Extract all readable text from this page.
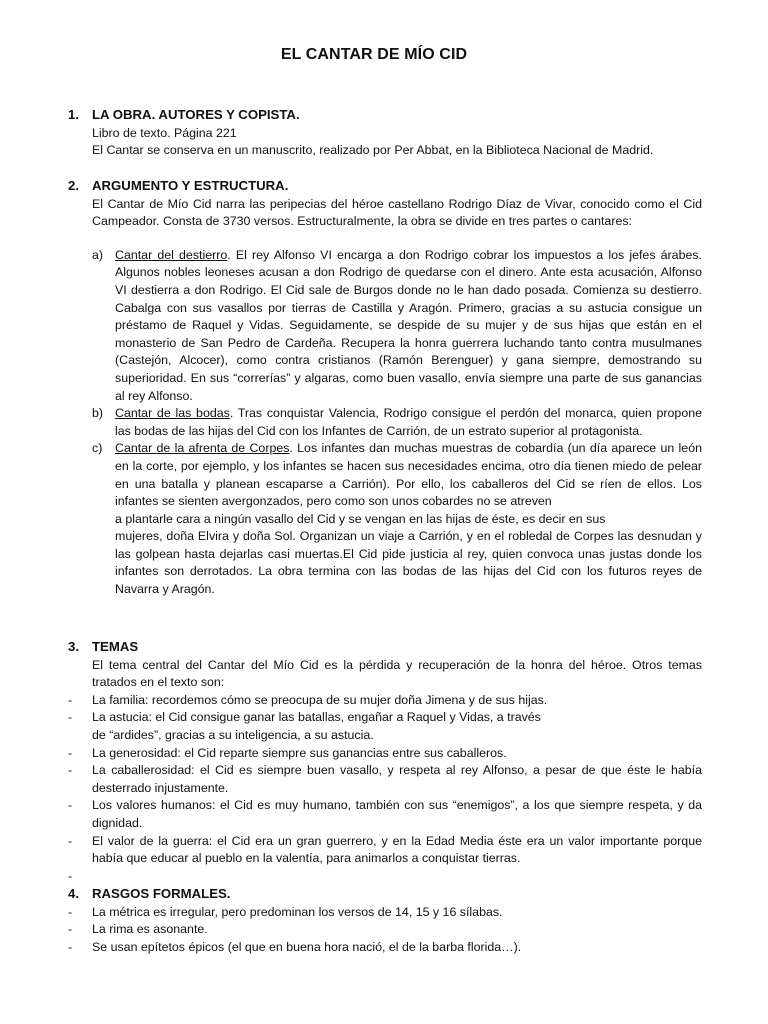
EL CANTAR DE MÍO CID
1. LA OBRA. AUTORES Y COPISTA.

Libro de texto. Página 221

El Cantar se conserva en un manuscrito, realizado por Per Abbat, en la Biblioteca Nacional de Madrid.

2. ARGUMENTO Y ESTRUCTURA.

El Cantar de Mío Cid narra las peripecias del héroe castellano Rodrigo Díaz de Vivar, conocido como el Cid Campeador. Consta de 3730 versos. Estructuralmente, la obra se divide en tres partes o cantares:

a) Cantar del destierro. El rey Alfonso VI encarga a don Rodrigo cobrar los impuestos a los jefes árabes. Algunos nobles leoneses acusan a don Rodrigo de quedarse con el dinero. Ante esta acusación, Alfonso VI destierra a don Rodrigo. El Cid sale de Burgos donde no le han dado posada. Comienza su destierro. Cabalga con sus vasallos por tierras de Castilla y Aragón. Primero, gracias a su astucia consigue un préstamo de Raquel y Vidas. Seguidamente, se despide de su mujer y de sus hijas que están en el monasterio de San Pedro de Cardeña. Recupera la honra guerrera luchando tanto contra musulmanes (Castejón, Alcocer), como contra cristianos (Ramón Berenguer) y gana siempre, demostrando su superioridad. En sus “correrías” y algaras, como buen vasallo, envía siempre una parte de sus ganancias al rey Alfonso.
b) Cantar de las bodas. Tras conquistar Valencia, Rodrigo consigue el perdón del monarca, quien propone las bodas de las hijas del Cid con los Infantes de Carrión, de un estrato superior al protagonista.
c) Cantar de la afrenta de Corpes. Los infantes dan muchas muestras de cobardía (un día aparece un león en la corte, por ejemplo, y los infantes se hacen sus necesidades encima, otro día tienen miedo de pelear en una batalla y planean escaparse a Carrión). Por ello, los caballeros del Cid se ríen de ellos. Los infantes se sienten avergonzados, pero como son unos cobardes no se atreven

a plantarle cara a ningún vasallo del Cid y se vengan en las hijas de éste, es decir en sus

mujeres, doña Elvira y doña Sol. Organizan un viaje a Carrión, y en el robledal de Corpes las desnudan y las golpean hasta dejarlas casi muertas.El Cid pide justicia al rey, quien convoca unas justas donde los infantes son derrotados. La obra termina con las bodas de las hijas del Cid con los futuros reyes de Navarra y Aragón.

3. TEMAS

El tema central del Cantar del Mío Cid es la pérdida y recuperación de la honra del héroe. Otros temas tratados en el texto son:

- La familia: recordemos cómo se preocupa de su mujer doña Jimena y de sus hijas.
- La astucia: el Cid consigue ganar las batallas, engañar a Raquel y Vidas, a través

de “ardides”, gracias a su inteligencia, a su astucia.

- La generosidad: el Cid reparte siempre sus ganancias entre sus caballeros.
- La caballerosidad: el Cid es siempre buen vasallo, y respeta al rey Alfonso, a pesar de que éste le había desterrado injustamente.
- Los valores humanos: el Cid es muy humano, también con sus “enemigos”, a los que siempre respeta, y da dignidad.
- El valor de la guerra: el Cid era un gran guerrero, y en la Edad Media éste era un valor importante porque había que educar al pueblo en la valentía, para animarlos a conquistar tierras.
-
4. RASGOS FORMALES.
- La métrica es irregular, pero predominan los versos de 14, 15 y 16 sílabas.
- La rima es asonante.
- Se usan epítetos épicos (el que en buena hora nació, el de la barba florida…).
